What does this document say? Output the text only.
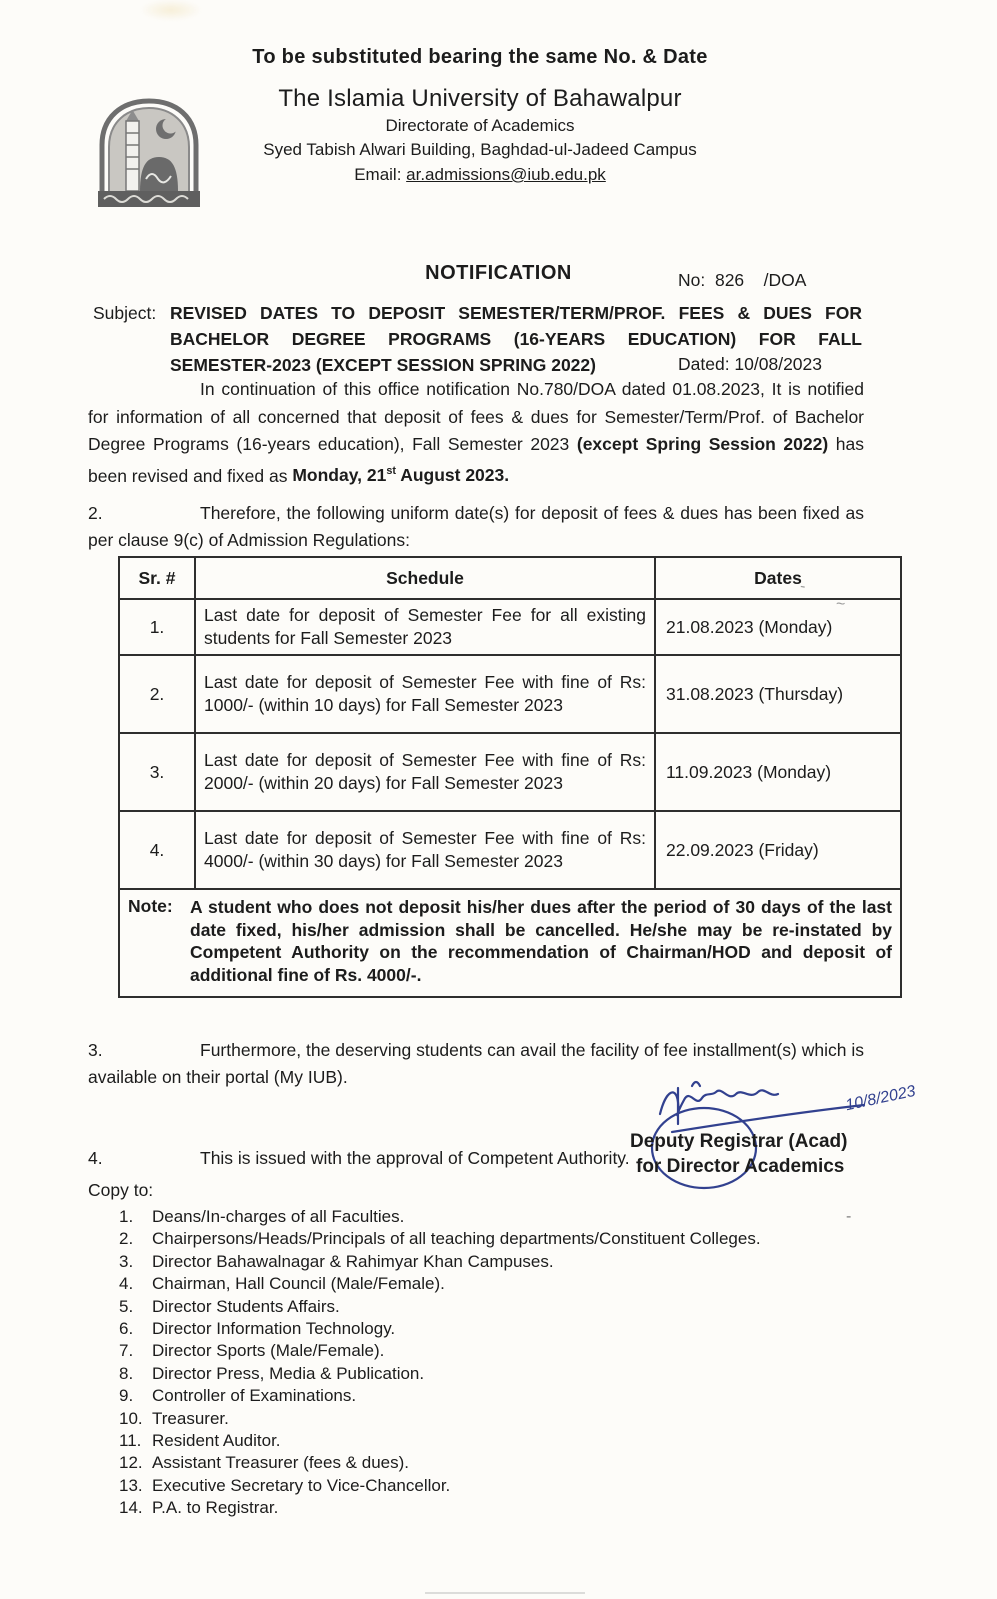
To be substituted bearing the same No. & Date
The Islamia University of Bahawalpur
Directorate of Academics
Syed Tabish Alwari Building, Baghdad-ul-Jadeed Campus
Email: ar.admissions@iub.edu.pk

No:  826    /DOA

Dated: 10/08/2023

NOTIFICATION
Subject: REVISED DATES TO DEPOSIT SEMESTER/TERM/PROF. FEES & DUES FOR BACHELOR DEGREE PROGRAMS (16-YEARS EDUCATION) FOR FALL SEMESTER-2023 (EXCEPT SESSION SPRING 2022)
In continuation of this office notification No.780/DOA dated 01.08.2023, It is notified for information of all concerned that deposit of fees & dues for Semester/Term/Prof. of Bachelor Degree Programs (16-years education), Fall Semester 2023 (except Spring Session 2022) has been revised and fixed as Monday, 21st August 2023.
2.	Therefore, the following uniform date(s) for deposit of fees & dues has been fixed as per clause 9(c) of Admission Regulations:
Sr. #	Schedule	Dates
1.	Last date for deposit of Semester Fee for all existing students for Fall Semester 2023	21.08.2023 (Monday)
2.	Last date for deposit of Semester Fee with fine of Rs: 1000/- (within 10 days) for Fall Semester 2023	31.08.2023 (Thursday)
3.	Last date for deposit of Semester Fee with fine of Rs: 2000/- (within 20 days) for Fall Semester 2023	11.09.2023 (Monday)
4.	Last date for deposit of Semester Fee with fine of Rs: 4000/- (within 30 days) for Fall Semester 2023	22.09.2023 (Friday)

Note: A student who does not deposit his/her dues after the period of 30 days of the last date fixed, his/her admission shall be cancelled. He/she may be re-instated by Competent Authority on the recommendation of Chairman/HOD and deposit of additional fine of Rs. 4000/-.		
3.	Furthermore, the deserving students can avail the facility of fee installment(s) which is available on their portal (My IUB).
4.	This is issued with the approval of Competent Authority.
10/8/2023
Deputy Registrar (Acad)
for Director Academics
Copy to:
1.	Deans/In-charges of all Faculties.
2.	Chairpersons/Heads/Principals of all teaching departments/Constituent Colleges.
3.	Director Bahawalnagar & Rahimyar Khan Campuses.
4.	Chairman, Hall Council (Male/Female).
5.	Director Students Affairs.
6.	Director Information Technology.
7.	Director Sports (Male/Female).
8.	Director Press, Media & Publication.
9.	Controller of Examinations.
10. Treasurer.
11. Resident Auditor.
12. Assistant Treasurer (fees & dues).
13. Executive Secretary to Vice-Chancellor.
14. P.A. to Registrar.
-
~
-
